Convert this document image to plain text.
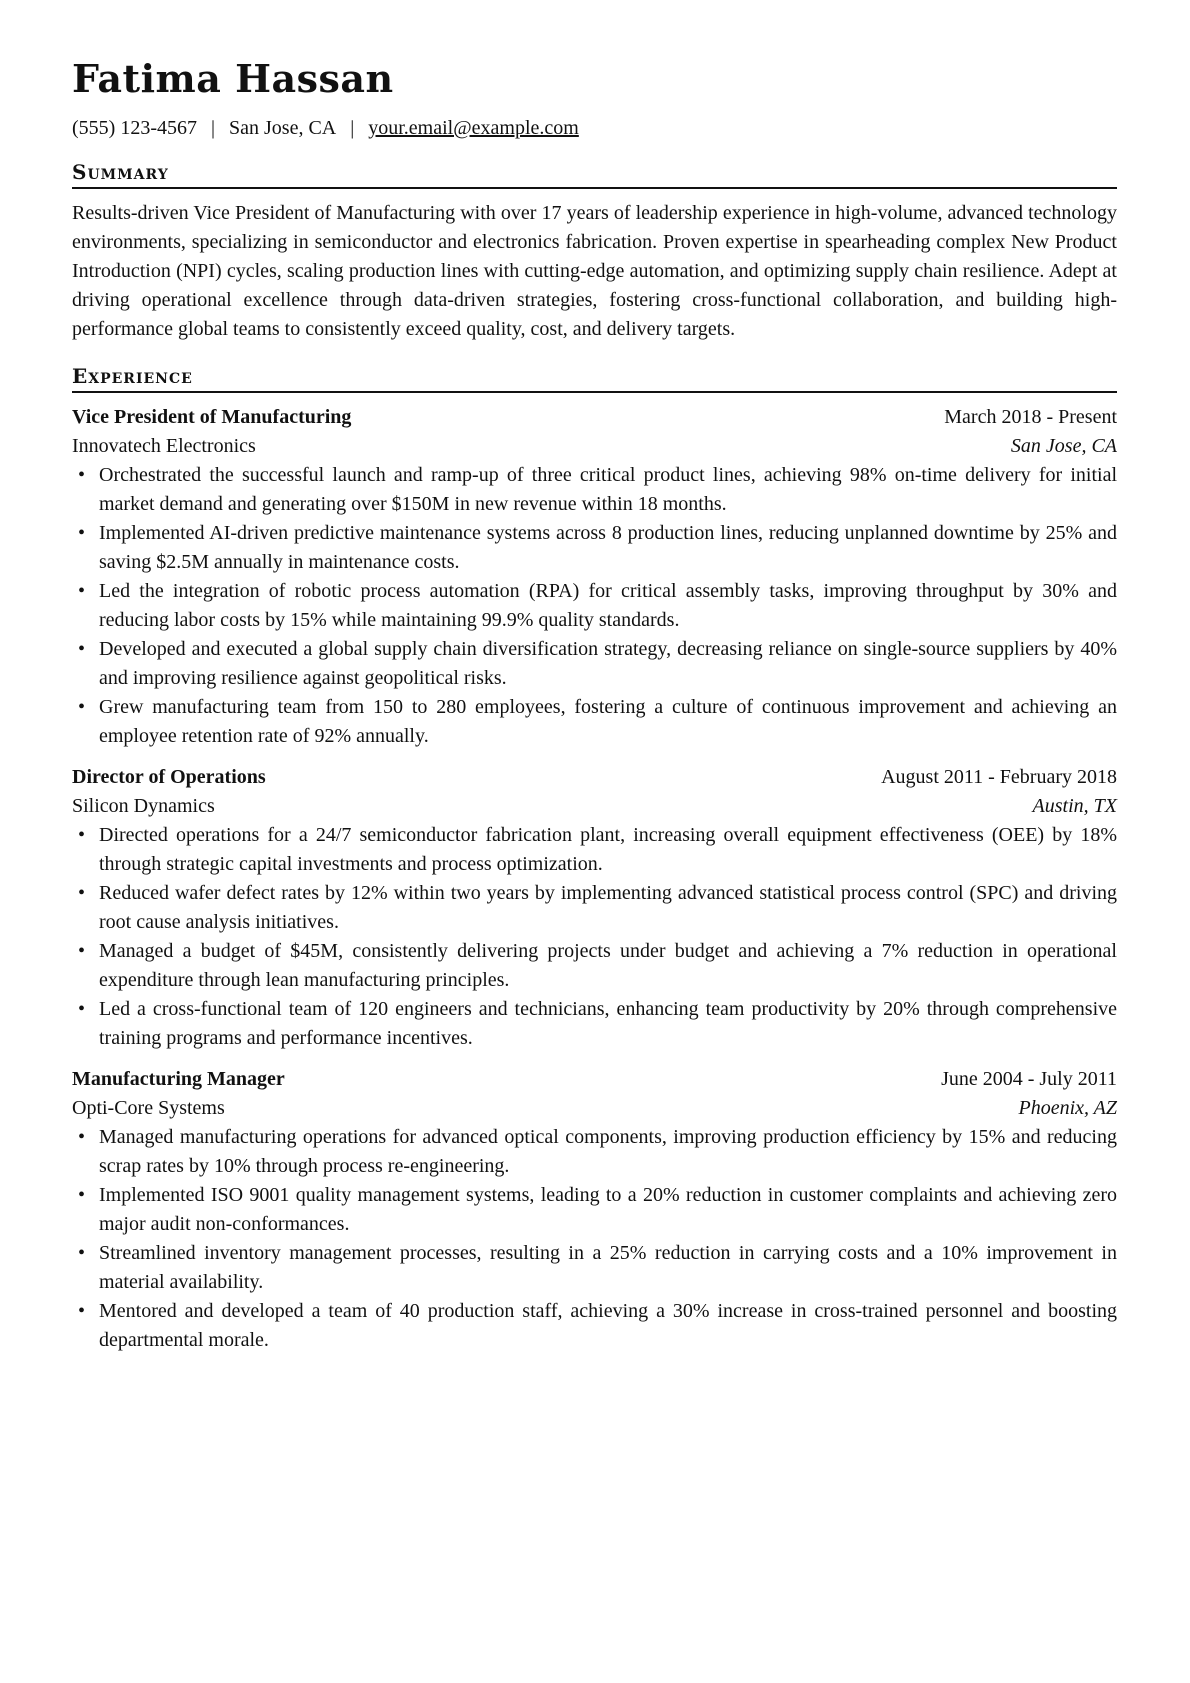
Fatima Hassan
(555) 123-4567 | San Jose, CA | your.email@example.com
Summary
Results-driven Vice President of Manufacturing with over 17 years of leadership experience in high-volume, advanced technology environments, specializing in semiconductor and electronics fabrication. Proven expertise in spearheading complex New Product Introduction (NPI) cycles, scaling production lines with cutting-edge automation, and optimizing supply chain resilience. Adept at driving operational excellence through data-driven strategies, fostering cross-functional collaboration, and building high-performance global teams to consistently exceed quality, cost, and delivery targets.
Experience
Vice President of Manufacturing	March 2018 - Present
Innovatech Electronics	San Jose, CA
• Orchestrated the successful launch and ramp-up of three critical product lines, achieving 98% on-time delivery for initial market demand and generating over $150M in new revenue within 18 months.
• Implemented AI-driven predictive maintenance systems across 8 production lines, reducing unplanned downtime by 25% and saving $2.5M annually in maintenance costs.
• Led the integration of robotic process automation (RPA) for critical assembly tasks, improving throughput by 30% and reducing labor costs by 15% while maintaining 99.9% quality standards.
• Developed and executed a global supply chain diversification strategy, decreasing reliance on single-source suppliers by 40% and improving resilience against geopolitical risks.
• Grew manufacturing team from 150 to 280 employees, fostering a culture of continuous improvement and achieving an employee retention rate of 92% annually.
Director of Operations	August 2011 - February 2018
Silicon Dynamics	Austin, TX
• Directed operations for a 24/7 semiconductor fabrication plant, increasing overall equipment effectiveness (OEE) by 18% through strategic capital investments and process optimization.
• Reduced wafer defect rates by 12% within two years by implementing advanced statistical process control (SPC) and driving root cause analysis initiatives.
• Managed a budget of $45M, consistently delivering projects under budget and achieving a 7% reduction in operational expenditure through lean manufacturing principles.
• Led a cross-functional team of 120 engineers and technicians, enhancing team productivity by 20% through comprehensive training programs and performance incentives.
Manufacturing Manager	June 2004 - July 2011
Opti-Core Systems	Phoenix, AZ
• Managed manufacturing operations for advanced optical components, improving production efficiency by 15% and reducing scrap rates by 10% through process re-engineering.
• Implemented ISO 9001 quality management systems, leading to a 20% reduction in customer complaints and achieving zero major audit non-conformances.
• Streamlined inventory management processes, resulting in a 25% reduction in carrying costs and a 10% improvement in material availability.
• Mentored and developed a team of 40 production staff, achieving a 30% increase in cross-trained personnel and boosting departmental morale.
